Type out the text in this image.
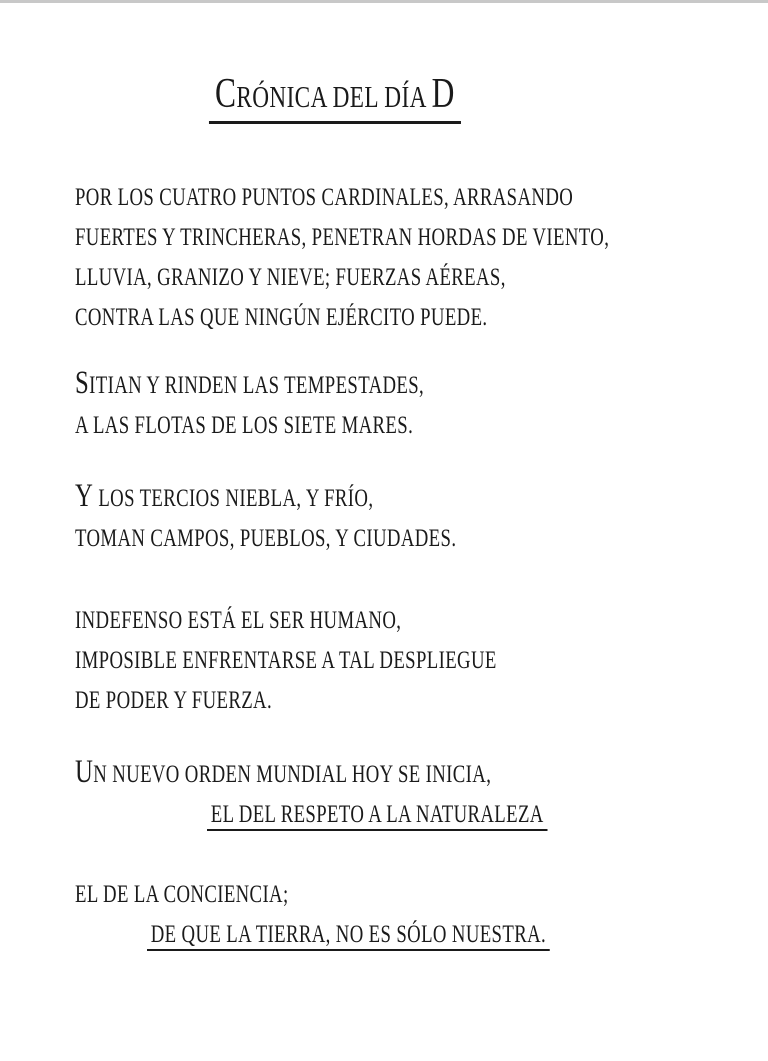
CRÓNICA DEL DÍA D
POR LOS CUATRO PUNTOS CARDINALES, ARRASANDO
FUERTES Y TRINCHERAS, PENETRAN HORDAS DE VIENTO,
LLUVIA, GRANIZO Y NIEVE; FUERZAS AÉREAS,
CONTRA LAS QUE NINGÚN EJÉRCITO PUEDE.
SITIAN Y RINDEN LAS TEMPESTADES,
A LAS FLOTAS DE LOS SIETE MARES.
Y LOS TERCIOS NIEBLA, Y FRÍO,
TOMAN CAMPOS, PUEBLOS, Y CIUDADES.
INDEFENSO ESTÁ EL SER HUMANO,
IMPOSIBLE ENFRENTARSE A TAL DESPLIEGUE
DE PODER Y FUERZA.
UN NUEVO ORDEN MUNDIAL HOY SE INICIA,
EL DEL RESPETO A LA NATURALEZA
EL DE LA CONCIENCIA;
DE QUE LA TIERRA, NO ES SÓLO NUESTRA.
